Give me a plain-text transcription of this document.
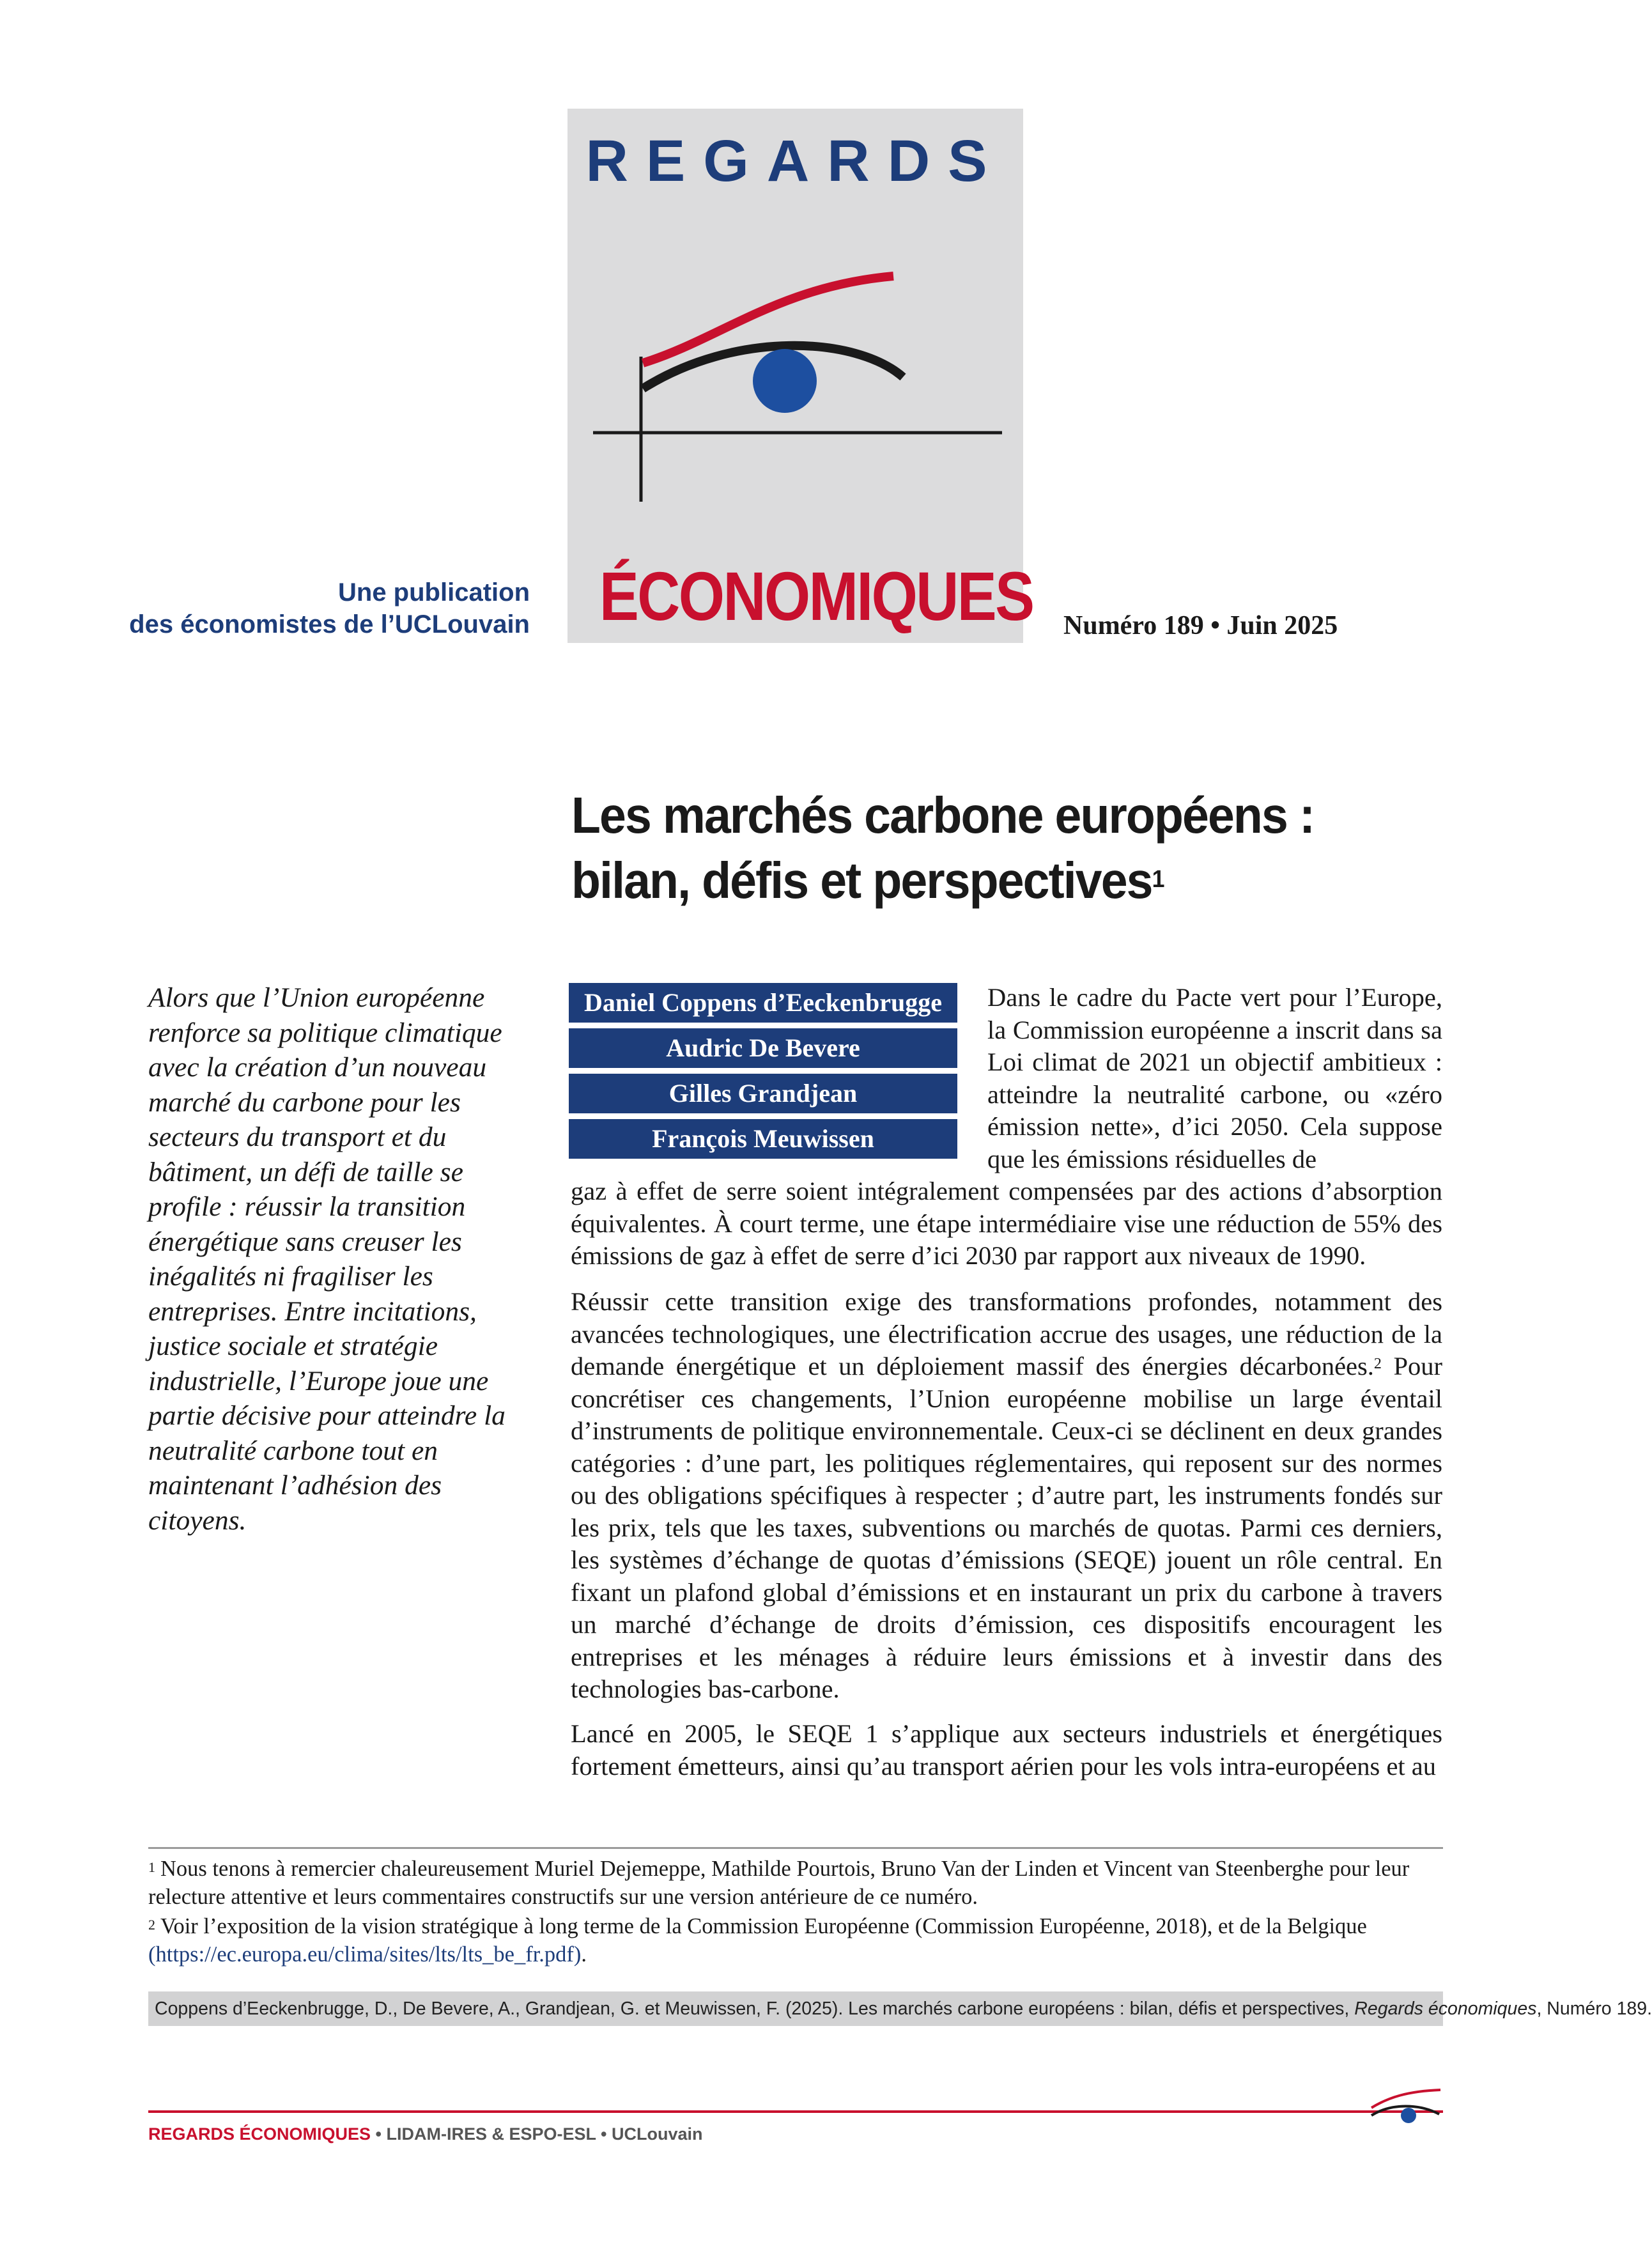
REGARDS
ÉCONOMIQUES
Une publication
des économistes de l’UCLouvain	Numéro 189 • Juin 2025
Les marchés carbone européens :
bilan, défis et perspectives$^1$
Alors que l’Union européenne renforce sa politique climatique avec la création d’un nouveau marché du carbone pour les secteurs du transport et du bâtiment, un défi de taille se profile : réussir la transition énergétique sans creuser les inégalités ni fragiliser les entreprises. Entre incitations, justice sociale et stratégie industrielle, l’Europe joue une partie décisive pour atteindre la neutralité carbone tout en maintenant l’adhésion des citoyens.
Daniel Coppens d’Eeckenbrugge
Audric De Bevere
Gilles Grandjean
François Meuwissen
Dans le cadre du Pacte vert pour l’Europe, la Commission européenne a inscrit dans sa Loi climat de 2021 un objectif ambitieux : atteindre la neutralité carbone, ou «zéro émission nette», d’ici 2050. Cela suppose que les émissions résiduelles de
gaz à effet de serre soient intégralement compensées par des actions d’absorption équivalentes. À court terme, une étape intermédiaire vise une réduction de 55% des émissions de gaz à effet de serre d’ici 2030 par rapport aux niveaux de 1990.
Réussir cette transition exige des transformations profondes, notamment des avancées technologiques, une électrification accrue des usages, une réduction de la demande énergétique et un déploiement massif des énergies décarbonées.$^2$ Pour concrétiser ces changements, l’Union européenne mobilise un large éventail d’instruments de politique environnementale. Ceux-ci se déclinent en deux grandes catégories : d’une part, les politiques réglementaires, qui reposent sur des normes ou des obligations spécifiques à respecter ; d’autre part, les instruments fondés sur les prix, tels que les taxes, subventions ou marchés de quotas. Parmi ces derniers, les systèmes d’échange de quotas d’émissions (SEQE) jouent un rôle central. En fixant un plafond global d’émissions et en instaurant un prix du carbone à travers un marché d’échange de droits d’émission, ces dispositifs encouragent les entreprises et les ménages à réduire leurs émissions et à investir dans des technologies bas-carbone.
Lancé en 2005, le SEQE 1 s’applique aux secteurs industriels et énergétiques fortement émetteurs, ainsi qu’au transport aérien pour les vols intra-européens et au

$^1$ Nous tenons à remercier chaleureusement Muriel Dejemeppe, Mathilde Pourtois, Bruno Van der Linden et Vincent van Steenberghe pour leur relecture attentive et leurs commentaires constructifs sur une version antérieure de ce numéro.

$^2$ Voir l’exposition de la vision stratégique à long terme de la Commission Européenne (Commission Européenne, 2018), et de la Belgique (https://ec.europa.eu/clima/sites/lts/lts_be_fr.pdf).

Coppens d’Eeckenbrugge, D., De Bevere, A., Grandjean, G. et Meuwissen, F. (2025). Les marchés carbone européens : bilan, défis et perspectives, Regards économiques, Numéro 189.
REGARDS ÉCONOMIQUES • LIDAM-IRES & ESPO-ESL • UCLouvain
